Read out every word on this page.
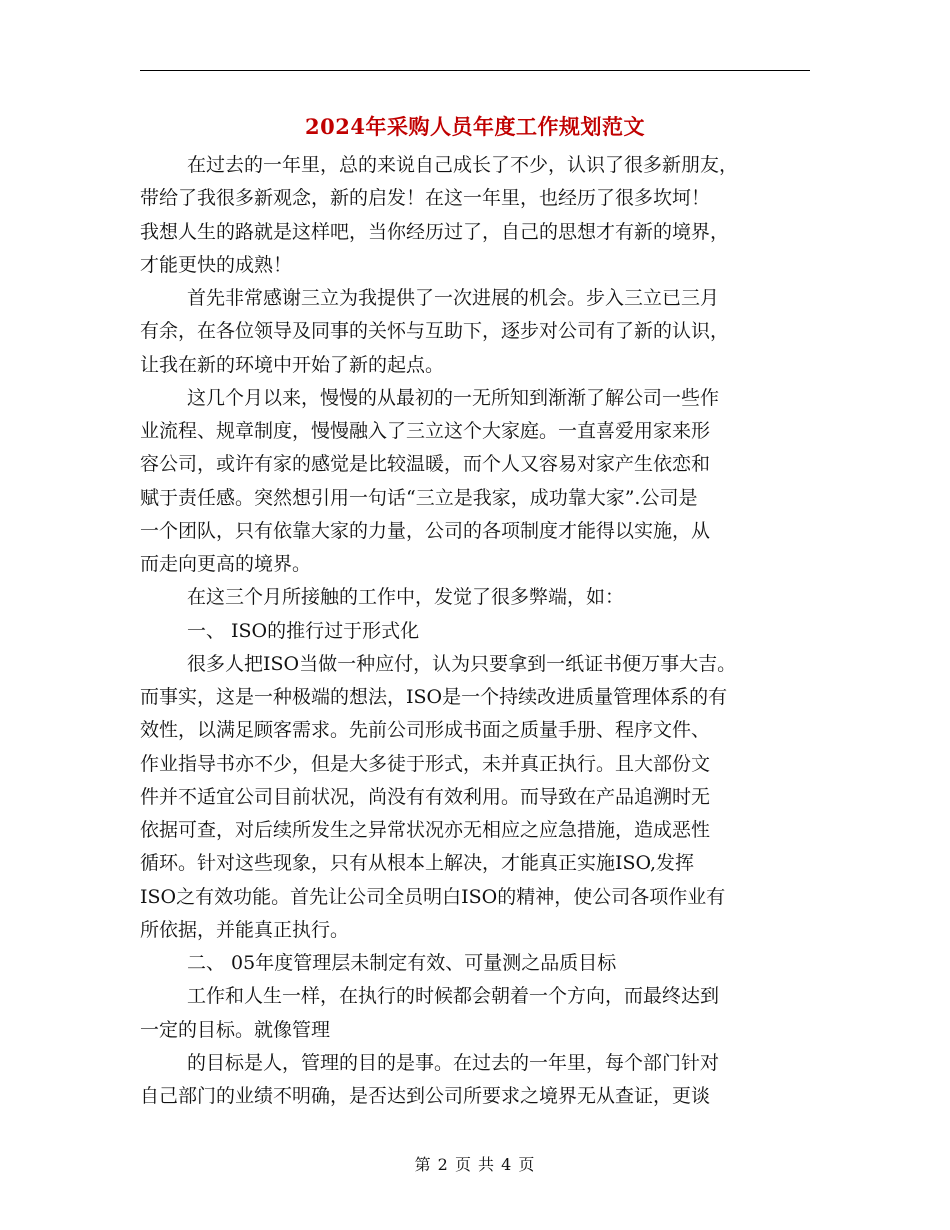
2024年采购人员年度工作规划范文
在过去的一年里，总的来说自己成长了不少，认识了很多新朋友，
带给了我很多新观念，新的启发！在这一年里，也经历了很多坎坷！
我想人生的路就是这样吧，当你经历过了，自己的思想才有新的境界，
才能更快的成熟！
首先非常感谢三立为我提供了一次进展的机会。步入三立已三月
有余，在各位领导及同事的关怀与互助下，逐步对公司有了新的认识，
让我在新的环境中开始了新的起点。
这几个月以来，慢慢的从最初的一无所知到渐渐了解公司一些作
业流程、规章制度，慢慢融入了三立这个大家庭。一直喜爱用家来形
容公司，或许有家的感觉是比较温暖，而个人又容易对家产生依恋和
赋于责任感。突然想引用一句话“三立是我家，成功靠大家”.公司是
一个团队，只有依靠大家的力量，公司的各项制度才能得以实施，从
而走向更高的境界。
在这三个月所接触的工作中，发觉了很多弊端，如：
一、 ISO的推行过于形式化
很多人把ISO当做一种应付，认为只要拿到一纸证书便万事大吉。
而事实，这是一种极端的想法，ISO是一个持续改进质量管理体系的有
效性，以满足顾客需求。先前公司形成书面之质量手册、程序文件、
作业指导书亦不少，但是大多徒于形式，未并真正执行。且大部份文
件并不适宜公司目前状况，尚没有有效利用。而导致在产品追溯时无
依据可查，对后续所发生之异常状况亦无相应之应急措施，造成恶性
循环。针对这些现象，只有从根本上解决，才能真正实施ISO,发挥
ISO之有效功能。首先让公司全员明白ISO的精神，使公司各项作业有
所依据，并能真正执行。
二、 05年度管理层未制定有效、可量测之品质目标
工作和人生一样，在执行的时候都会朝着一个方向，而最终达到
一定的目标。就像管理
的目标是人，管理的目的是事。在过去的一年里，每个部门针对
自己部门的业绩不明确，是否达到公司所要求之境界无从查证，更谈
第 2 页 共 4 页
